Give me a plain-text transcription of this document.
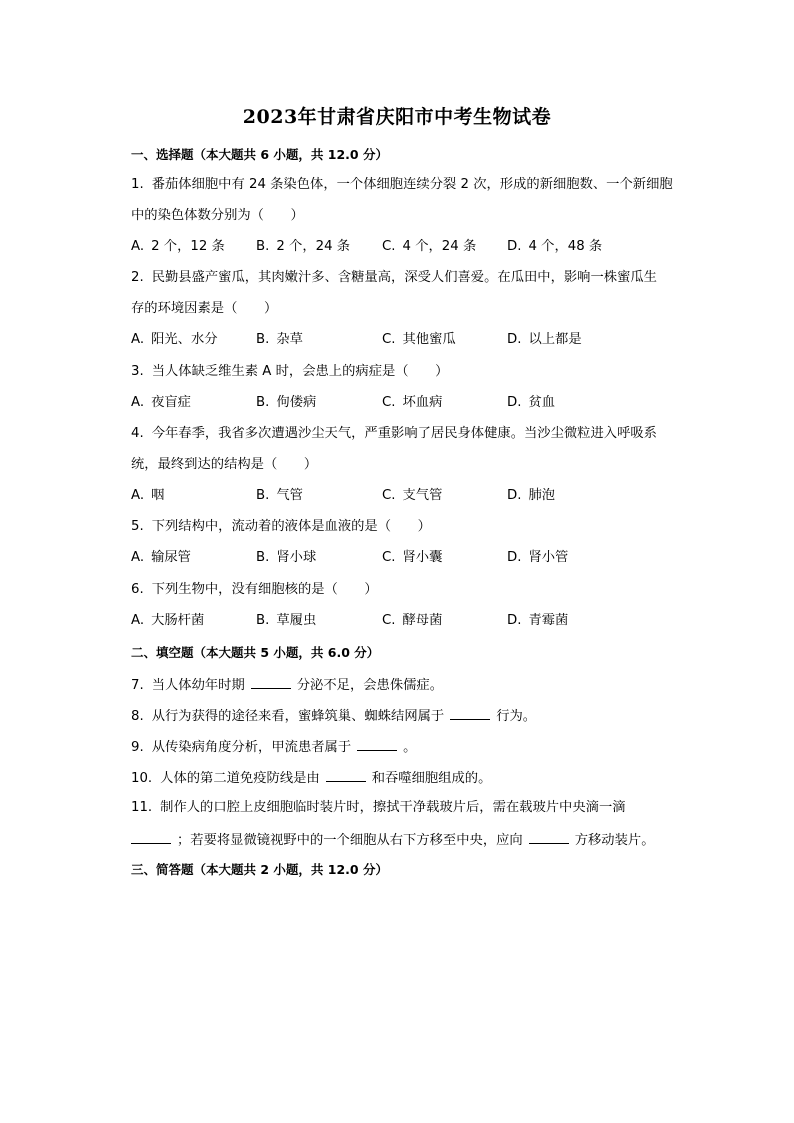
2023年甘肃省庆阳市中考生物试卷
一、选择题（本大题共 6 小题，共 12.0 分）
1. 番茄体细胞中有 24 条染色体，一个体细胞连续分裂 2 次，形成的新细胞数、一个新细胞
中的染色体数分别为（　　）
A. 2 个，12 条 B. 2 个，24 条 C. 4 个，24 条 D. 4 个，48 条
2. 民勤县盛产蜜瓜，其肉嫩汁多、含糖量高，深受人们喜爱。在瓜田中，影响一株蜜瓜生
存的环境因素是（　　）
A. 阳光、水分	B. 杂草	C. 其他蜜瓜	D. 以上都是
3. 当人体缺乏维生素 A 时，会患上的病症是（　　）
A. 夜盲症	B. 佝偻病	C. 坏血病	D. 贫血
4. 今年春季，我省多次遭遇沙尘天气，严重影响了居民身体健康。当沙尘微粒进入呼吸系
统，最终到达的结构是（　　）
A. 咽	B. 气管	C. 支气管	D. 肺泡
5. 下列结构中，流动着的液体是血液的是（　　）
A. 输尿管	B. 肾小球	C. 肾小囊	D. 肾小管
6. 下列生物中，没有细胞核的是（　　）
A. 大肠杆菌	B. 草履虫	C. 酵母菌	D. 青霉菌
二、填空题（本大题共 5 小题，共 6.0 分）
7. 当人体幼年时期	分泌不足，会患侏儒症。
8. 从行为获得的途径来看，蜜蜂筑巢、蜘蛛结网属于	行为。
9. 从传染病角度分析，甲流患者属于	。
10. 人体的第二道免疫防线是由	和吞噬细胞组成的。
11. 制作人的口腔上皮细胞临时装片时，擦拭干净载玻片后，需在载玻片中央滴一滴
；若要将显微镜视野中的一个细胞从右下方移至中央，应向	方移动装片。
三、简答题（本大题共 2 小题，共 12.0 分）
